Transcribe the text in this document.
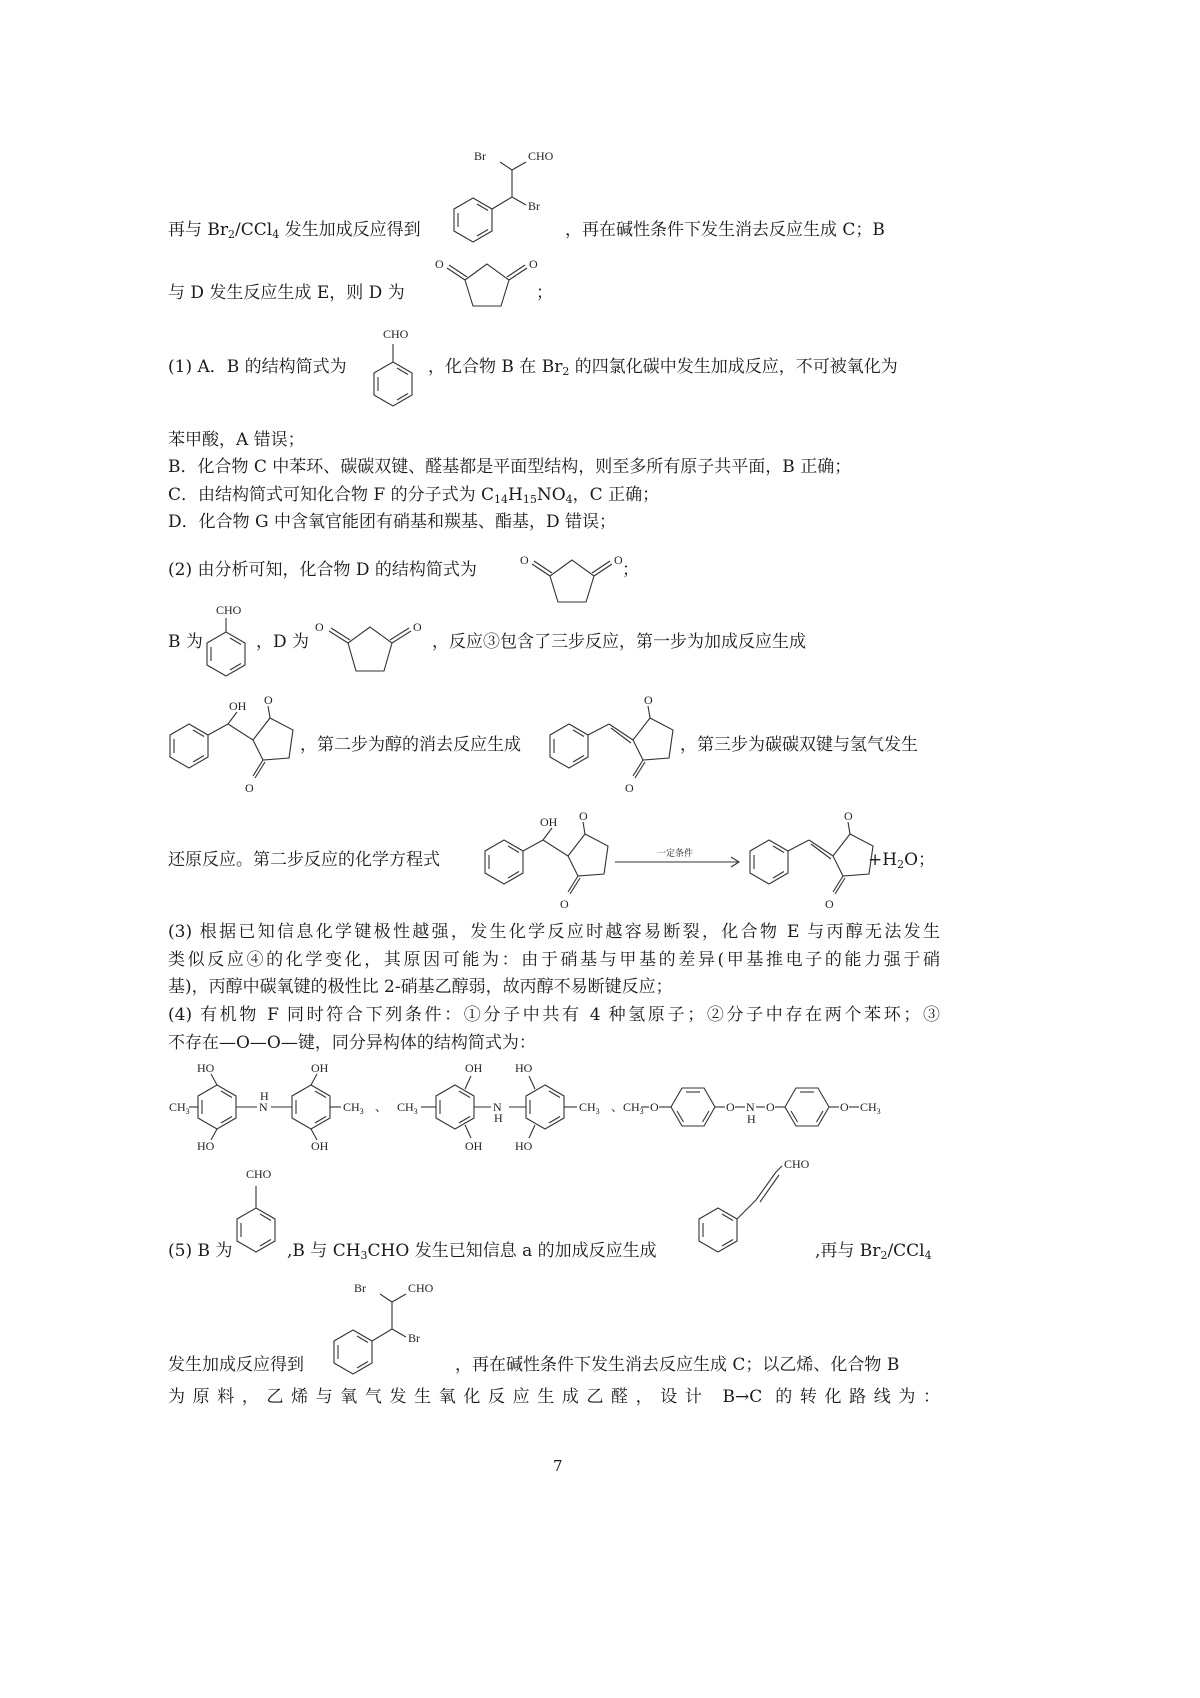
Br
Br	CHO
再与 $Br_2/CCl_4$ 发生加成反应得到	，再在碱性条件下发生消去反应生成 C；B
O	O
与 D 发生反应生成 E，则 D 为	；
CHO
(1) A．B 的结构简式为	，化合物 B 在 $Br_2$ 的四氯化碳中发生加成反应，不可被氧化为
苯甲酸，A 错误；
B．化合物 C 中苯环、碳碳双键、醛基都是平面型结构，则至多所有原子共平面，B 正确；
C．由结构简式可知化合物 F 的分子式为 $C_{14}H_{15}NO_4$，C 正确；
D．化合物 G 中含氧官能团有硝基和羰基、酯基，D 错误；
(2) 由分析可知，化合物 D 的结构简式为	O	O ；
B 为
CHO
，D 为
O	O
，反应③包含了三步反应，第一步为加成反应生成
OH O
O
，第二步为醇的消去反应生成
O
O
，第三步为碳碳双键与氢气发生
还原反应。第二步反应的化学方程式
OH O
O
一定条件
O
O
$+H_2O$；
(3) 根据已知信息化学键极性越强，发生化学反应时越容易断裂，化合物 E 与丙醇无法发生
类似反应④的化学变化，其原因可能为：由于硝基与甲基的差异(甲基推电子的能力强于硝
基)，丙醇中碳氧键的极性比 2-硝基乙醇弱，故丙醇不易断键反应；
(4) 有机物 F 同时符合下列条件：①分子中共有 4 种氢原子；②分子中存在两个苯环；③
不存在—O—O—键，同分异构体的结构简式为：
$CH_3$
HO
HO
N
H
OH
OH
$CH_3$ 、 $CH_3$
OH
OH
N
H
HO
HO
$CH_3$ 、 $CH_3$ O	O N
H
O	O $CH_3$
(5) B 为
CHO
,B 与 $CH_3CHO$ 发生已知信息 a 的加成反应生成
CHO
,再与 $Br_2/CCl_4$
Br
Br	CHO
发生加成反应得到	，再在碱性条件下发生消去反应生成 C；以乙烯、化合物 B
为原料，乙烯与氧气发生氧化反应生成乙醛，设计 B→C 的转化路线为：
7
